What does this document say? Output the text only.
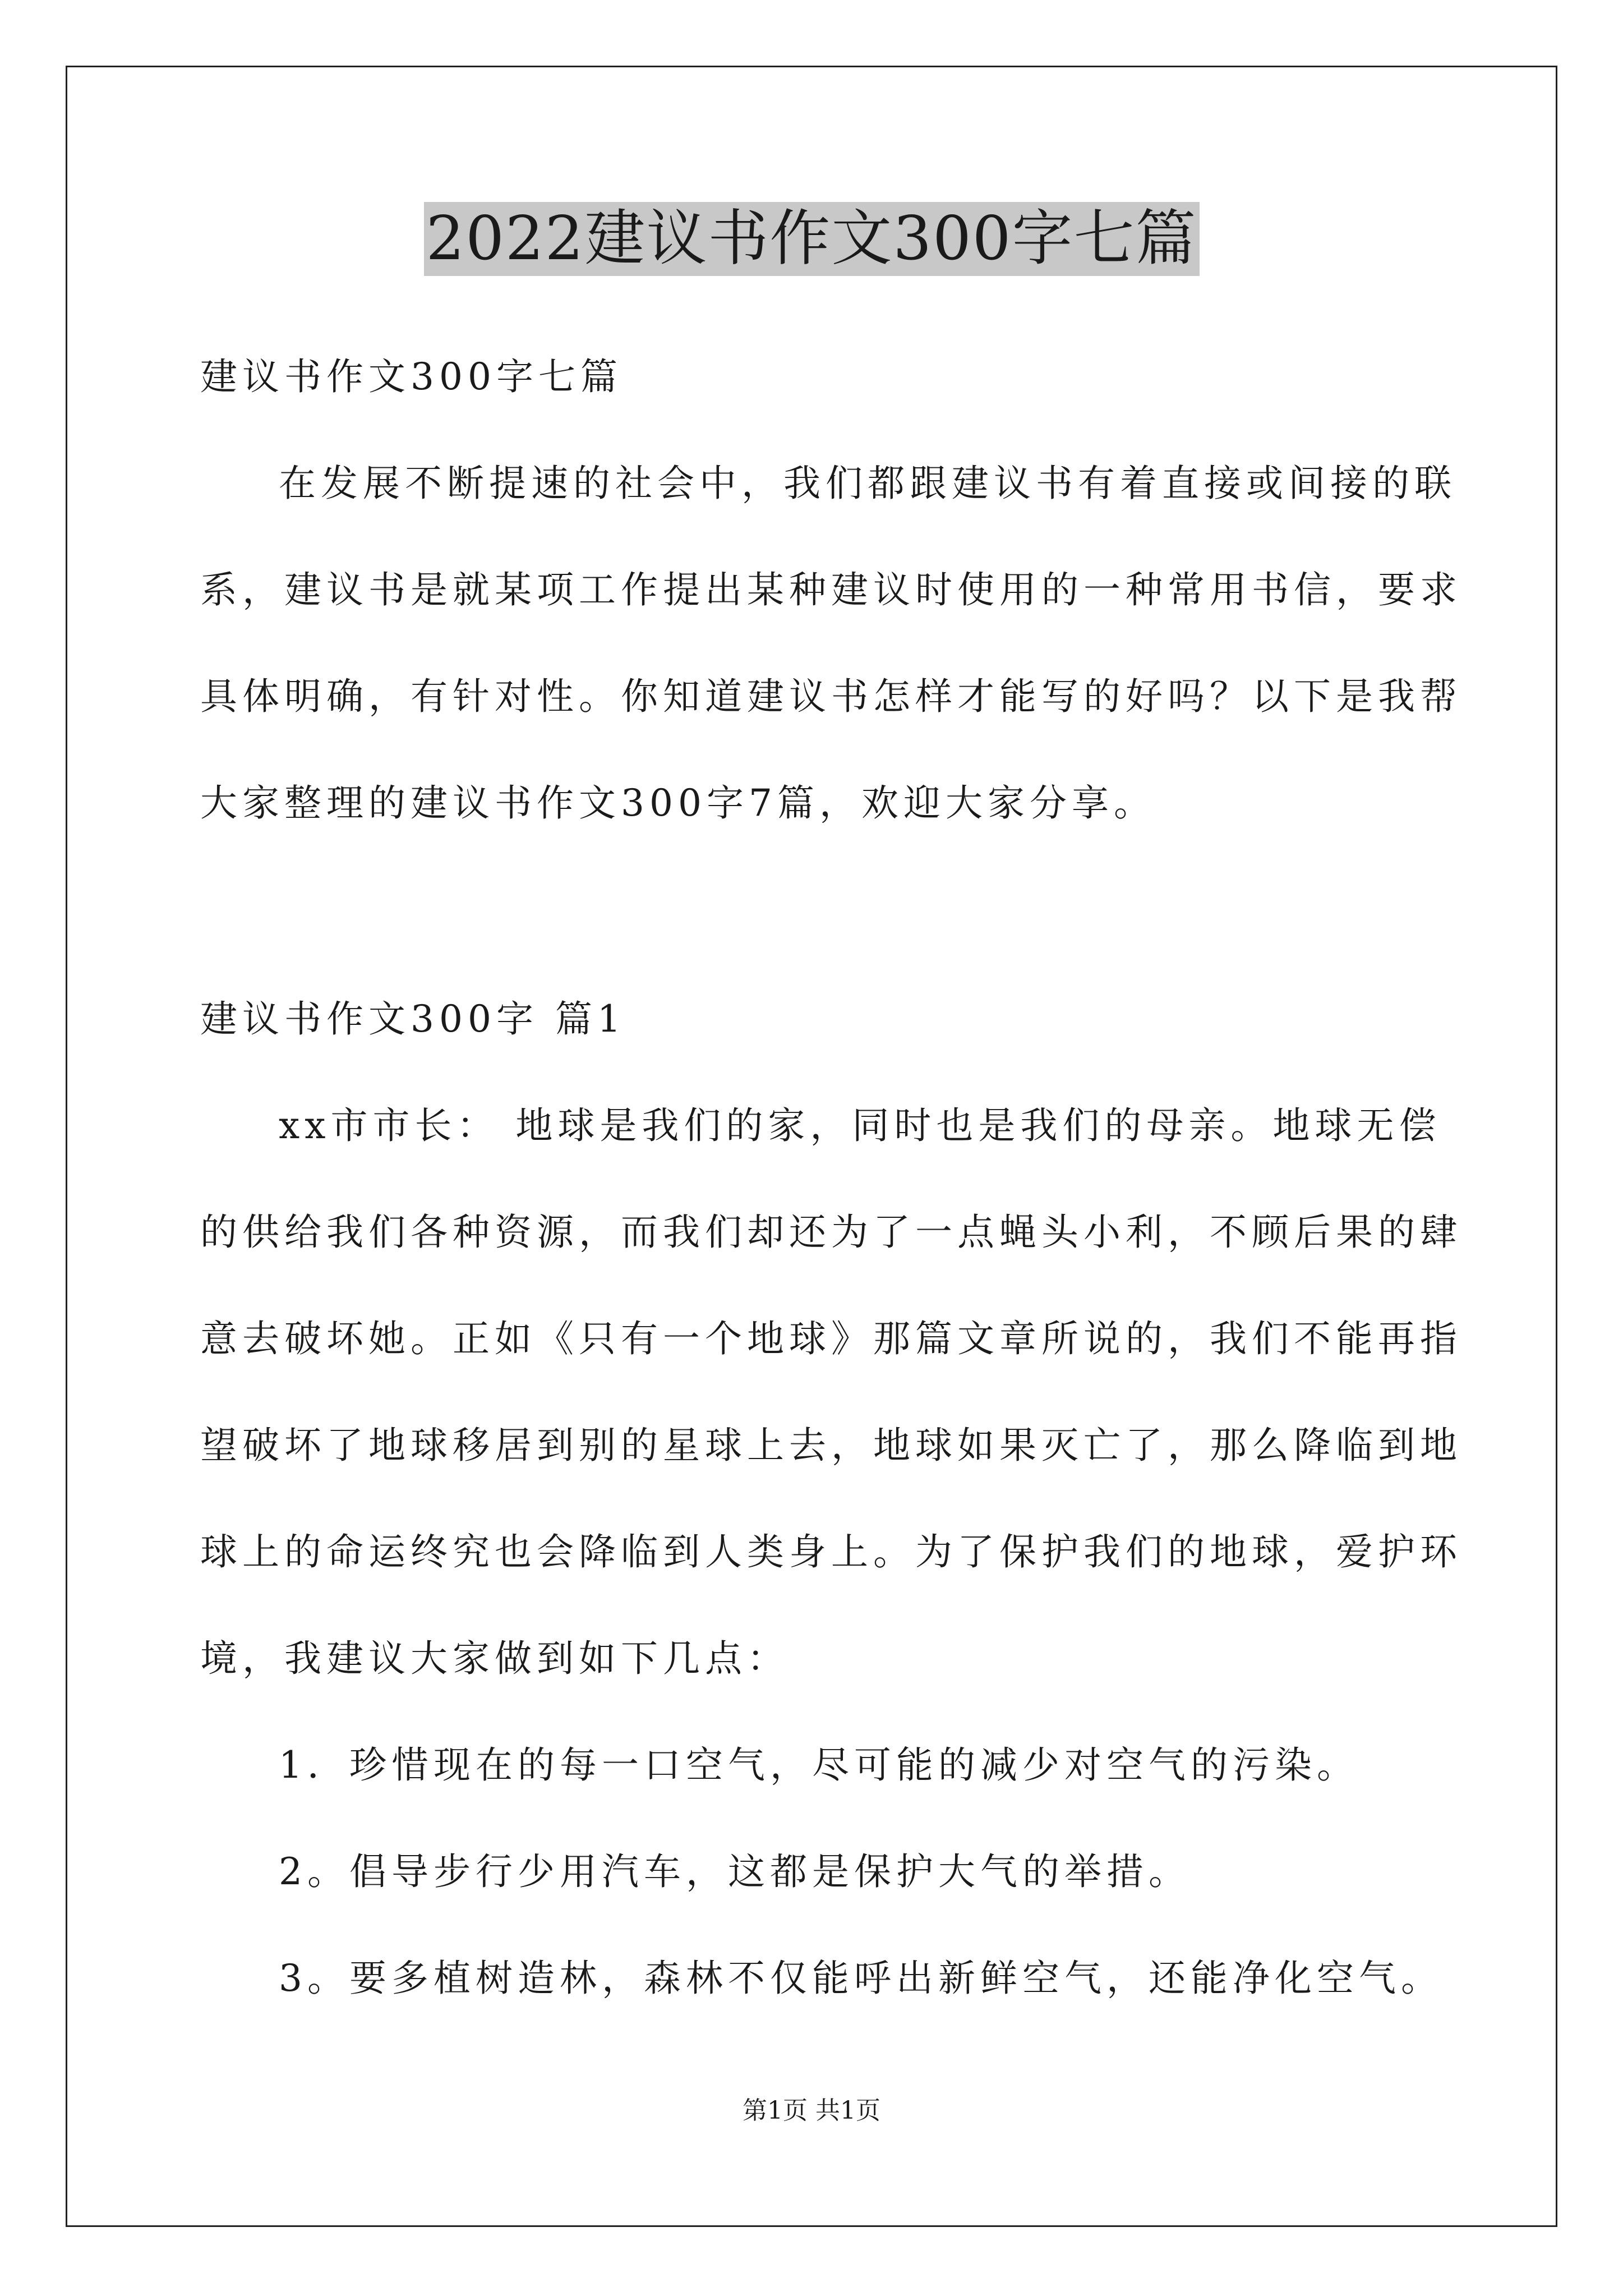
2022建议书作文300字七篇

建议书作文300字七篇

在发展不断提速的社会中，我们都跟建议书有着直接或间接的联

系，建议书是就某项工作提出某种建议时使用的一种常用书信，要求

具体明确，有针对性。你知道建议书怎样才能写的好吗？以下是我帮

大家整理的建议书作文300字7篇，欢迎大家分享。

建议书作文300字 篇1

xx市市长： 地球是我们的家，同时也是我们的母亲。地球无偿

的供给我们各种资源，而我们却还为了一点蝇头小利，不顾后果的肆

意去破坏她。正如《只有一个地球》那篇文章所说的，我们不能再指

望破坏了地球移居到别的星球上去，地球如果灭亡了，那么降临到地

球上的命运终究也会降临到人类身上。为了保护我们的地球，爱护环

境，我建议大家做到如下几点：

1．珍惜现在的每一口空气，尽可能的减少对空气的污染。

2。倡导步行少用汽车，这都是保护大气的举措。

3。要多植树造林，森林不仅能呼出新鲜空气，还能净化空气。

第1页 共1页
